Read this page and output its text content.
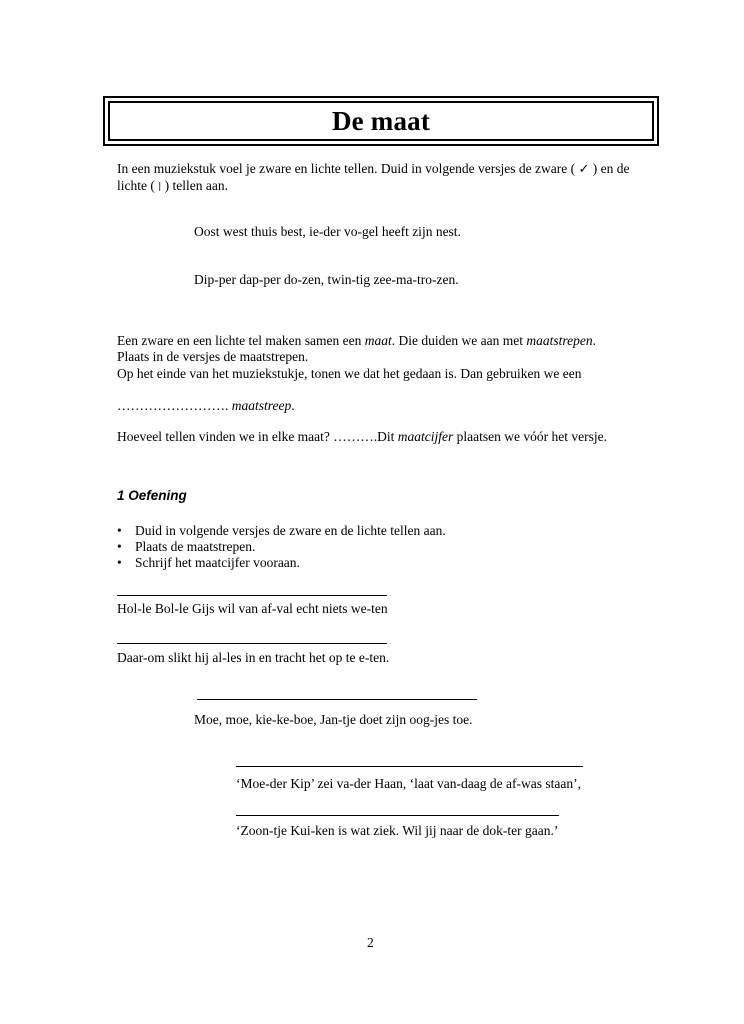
De maat
In een muziekstuk voel je zware en lichte tellen. Duid in volgende versjes de zware ( ✓ ) en de
lichte ( | ) tellen aan.
Oost west thuis best, ie-der vo-gel heeft zijn nest.
Dip-per dap-per do-zen, twin-tig zee-ma-tro-zen.
Een zware en een lichte tel maken samen een maat. Die duiden we aan met maatstrepen.
Plaats in de versjes de maatstrepen.
Op het einde van het muziekstukje, tonen we dat het gedaan is. Dan gebruiken we een
……………………. maatstreep.
Hoeveel tellen vinden we in elke maat? ……….Dit maatcijfer plaatsen we vóór het versje.
1 Oefening
• Duid in volgende versjes de zware en de lichte tellen aan.
• Plaats de maatstrepen.
• Schrijf het maatcijfer vooraan.
Hol-le Bol-le Gijs wil van af-val echt niets we-ten
Daar-om slikt hij al-les in en tracht het op te e-ten.
Moe, moe, kie-ke-boe, Jan-tje doet zijn oog-jes toe.
‘Moe-der Kip’ zei va-der Haan, ‘laat van-daag de af-was staan’,
‘Zoon-tje Kui-ken is wat ziek. Wil jij naar de dok-ter gaan.’
2
